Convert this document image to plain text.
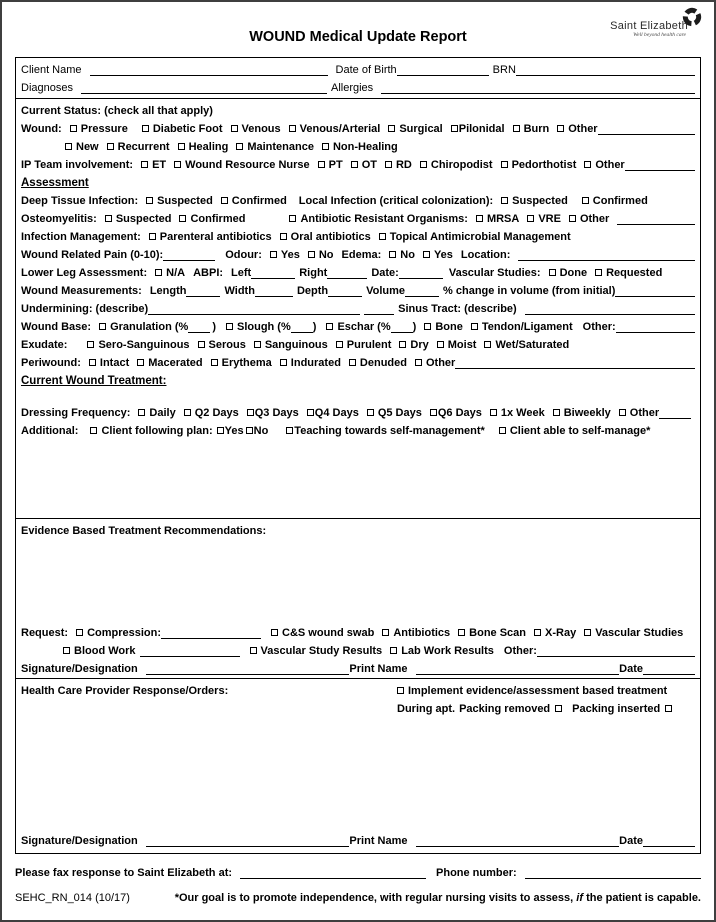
Saint Elizabeth
Well beyond health care
WOUND Medical Update Report
Client Name	Date of Birth	BRN
Diagnoses	Allergies
Current Status: (check all that apply)
Wound: Pressure Diabetic Foot Venous Venous/Arterial Surgical Pilonidal Burn Other
New Recurrent Healing Maintenance Non-Healing
IP Team involvement: ET Wound Resource Nurse PT OT RD Chiropodist Pedorthotist Other
Assessment
Deep Tissue Infection: Suspected Confirmed Local Infection (critical colonization): Suspected Confirmed
Osteomyelitis: Suspected Confirmed	Antibiotic Resistant Organisms: MRSA VRE Other
Infection Management: Parenteral antibiotics Oral antibiotics Topical Antimicrobial Management
Wound Related Pain (0-10):	Odour: Yes No Edema: No Yes Location:
Lower Leg Assessment: N/A ABPI: Left	Right	Date:	Vascular Studies: Done Requested
Wound Measurements: Length	Width	Depth	Volume	% change in volume (from initial)
Undermining: (describe)	Sinus Tract: (describe)
Wound Base: Granulation (% ) Slough (% ) Eschar (% ) Bone Tendon/Ligament Other:
Exudate:	Sero-Sanguinous Serous Sanguinous Purulent Dry Moist Wet/Saturated
Periwound: Intact Macerated Erythema Indurated Denuded Other
Current Wound Treatment:
Dressing Frequency: Daily Q2 Days Q3 Days Q4 Days Q5 Days Q6 Days 1x Week Biweekly Other
Additional: Client following plan: Yes No Teaching towards self-management* Client able to self-manage*
Evidence Based Treatment Recommendations:
Request: Compression:	C&S wound swab Antibiotics Bone Scan X-Ray Vascular Studies
Blood Work	Vascular Study Results Lab Work Results Other:
Signature/Designation	Print Name	Date
Health Care Provider Response/Orders:	Implement evidence/assessment based treatment
During apt. Packing removed Packing inserted
Signature/Designation	Print Name	Date
Please fax response to Saint Elizabeth at:	Phone number:
SEHC_RN_014 (10/17)	*Our goal is to promote independence, with regular nursing visits to assess, if the patient is capable.
